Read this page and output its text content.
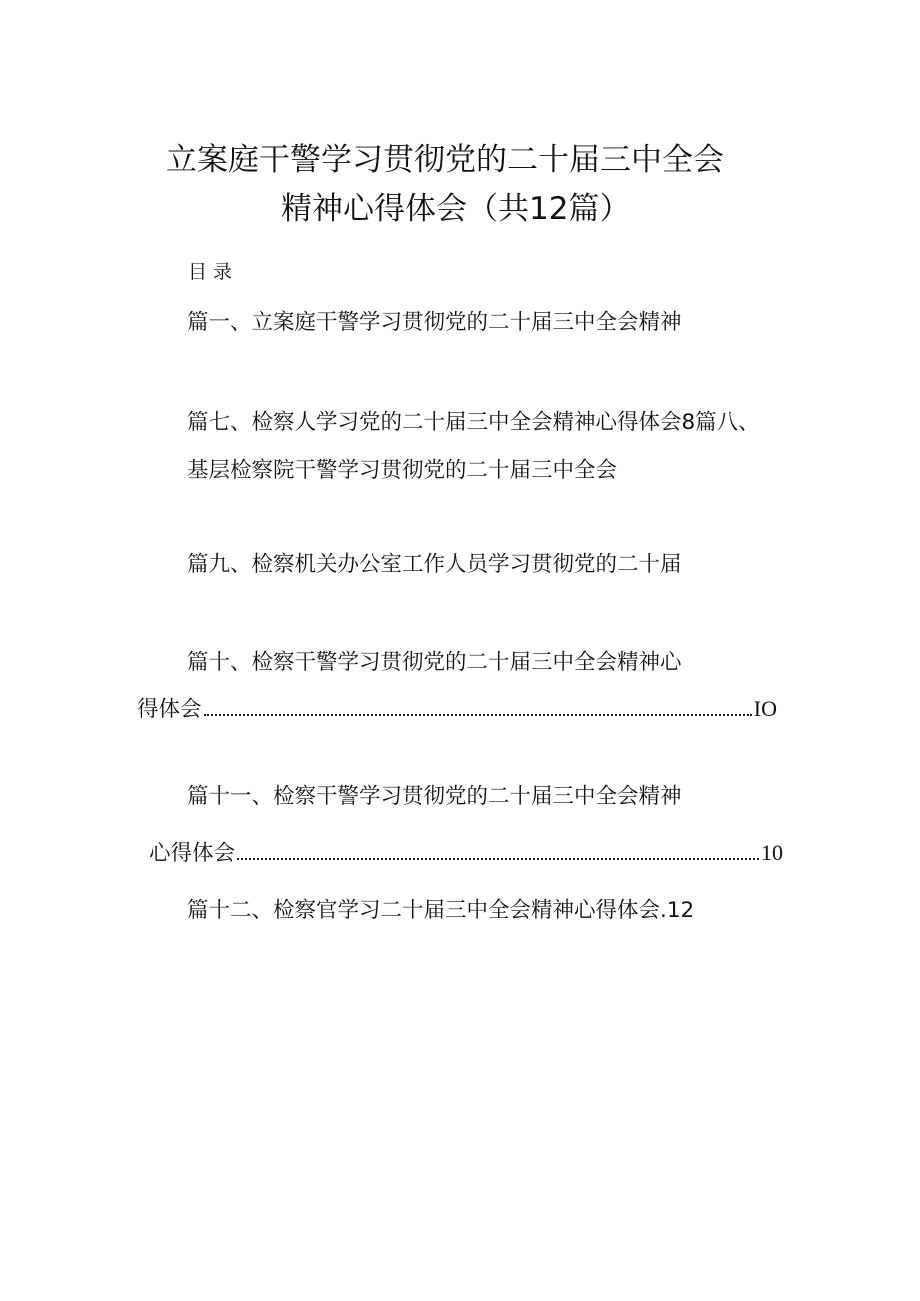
立案庭干警学习贯彻党的二十届三中全会
精神心得体会（共12篇）
目录
篇一、立案庭干警学习贯彻党的二十届三中全会精神
篇七、检察人学习党的二十届三中全会精神心得体会8篇八、
基层检察院干警学习贯彻党的二十届三中全会
篇九、检察机关办公室工作人员学习贯彻党的二十届
篇十、检察干警学习贯彻党的二十届三中全会精神心
得体会	IO
篇十一、检察干警学习贯彻党的二十届三中全会精神
心得体会	10
篇十二、检察官学习二十届三中全会精神心得体会.12
